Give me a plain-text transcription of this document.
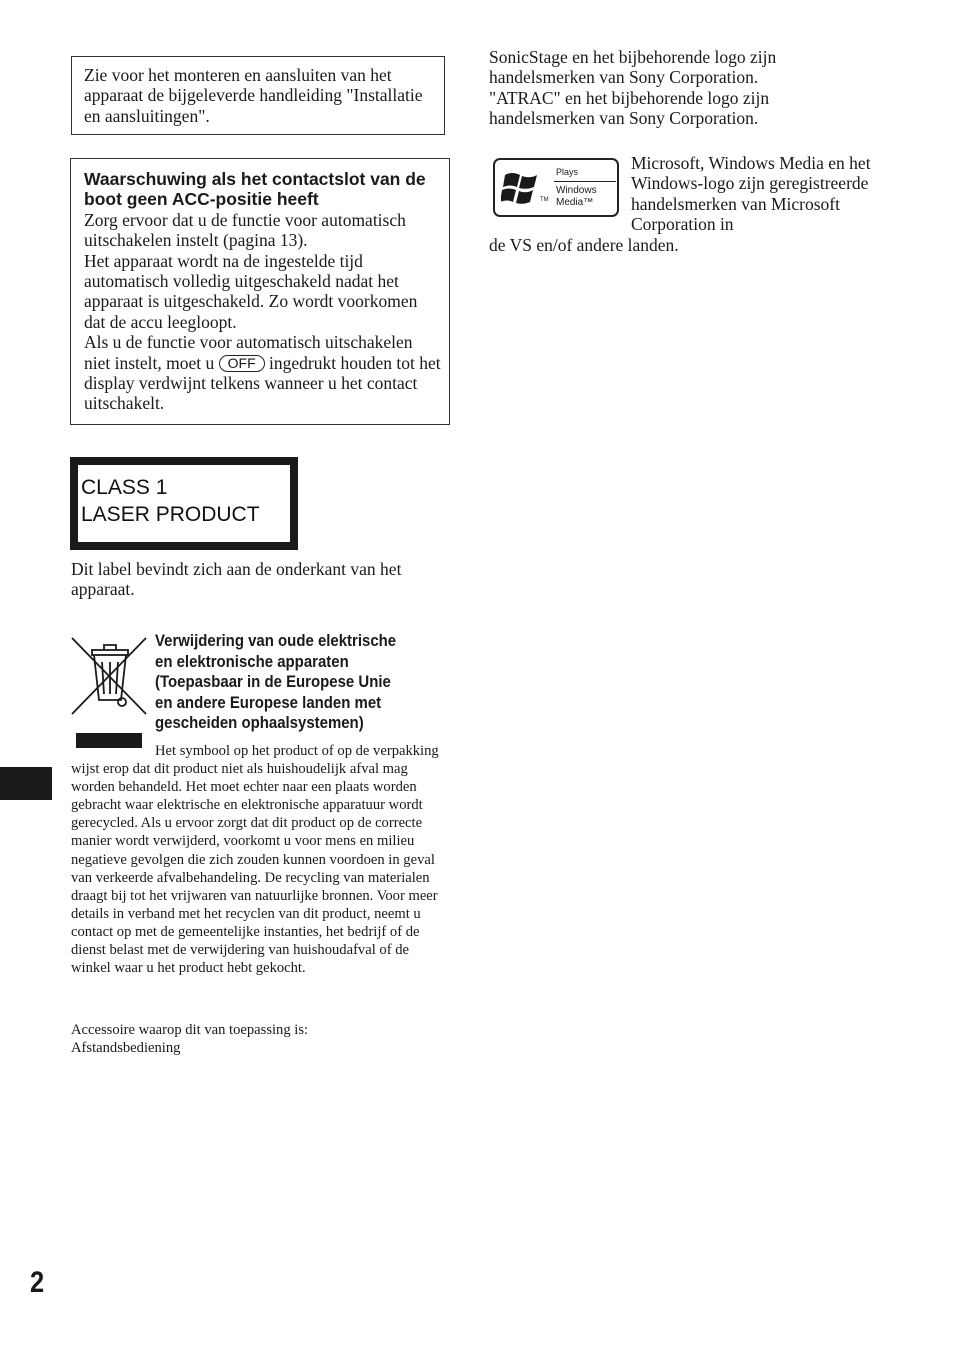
Zie voor het monteren en aansluiten van het apparaat de bijgeleverde handleiding "Installatie en aansluitingen".
Waarschuwing als het contactslot van de boot geen ACC-positie heeft
Zorg ervoor dat u de functie voor automatisch uitschakelen instelt (pagina 13).
Het apparaat wordt na de ingestelde tijd automatisch volledig uitgeschakeld nadat het apparaat is uitgeschakeld. Zo wordt voorkomen dat de accu leegloopt.
Als u de functie voor automatisch uitschakelen niet instelt, moet u OFF ingedrukt houden tot het display verdwijnt telkens wanneer u het contact uitschakelt.
CLASS 1
LASER PRODUCT
Dit label bevindt zich aan de onderkant van het apparaat.
Verwijdering van oude elektrische en elektronische apparaten (Toepasbaar in de Europese Unie en andere Europese landen met gescheiden ophaalsystemen)
Het symbool op het product of op de verpakking wijst erop dat dit product niet als huishoudelijk afval mag worden behandeld. Het moet echter naar een plaats worden gebracht waar elektrische en elektronische apparatuur wordt gerecycled. Als u ervoor zorgt dat dit product op de correcte manier wordt verwijderd, voorkomt u voor mens en milieu negatieve gevolgen die zich zouden kunnen voordoen in geval van verkeerde afvalbehandeling. De recycling van materialen draagt bij tot het vrijwaren van natuurlijke bronnen. Voor meer details in verband met het recyclen van dit product, neemt u contact op met de gemeentelijke instanties, het bedrijf of de dienst belast met de verwijdering van huishoudafval of de winkel waar u het product hebt gekocht.
Accessoire waarop dit van toepassing is: Afstandsbediening
2
SonicStage en het bijbehorende logo zijn handelsmerken van Sony Corporation.
"ATRAC" en het bijbehorende logo zijn handelsmerken van Sony Corporation.
TM
Plays
Windows
Media™
Microsoft, Windows Media en het Windows-logo zijn geregistreerde handelsmerken van Microsoft Corporation in
de VS en/of andere landen.
